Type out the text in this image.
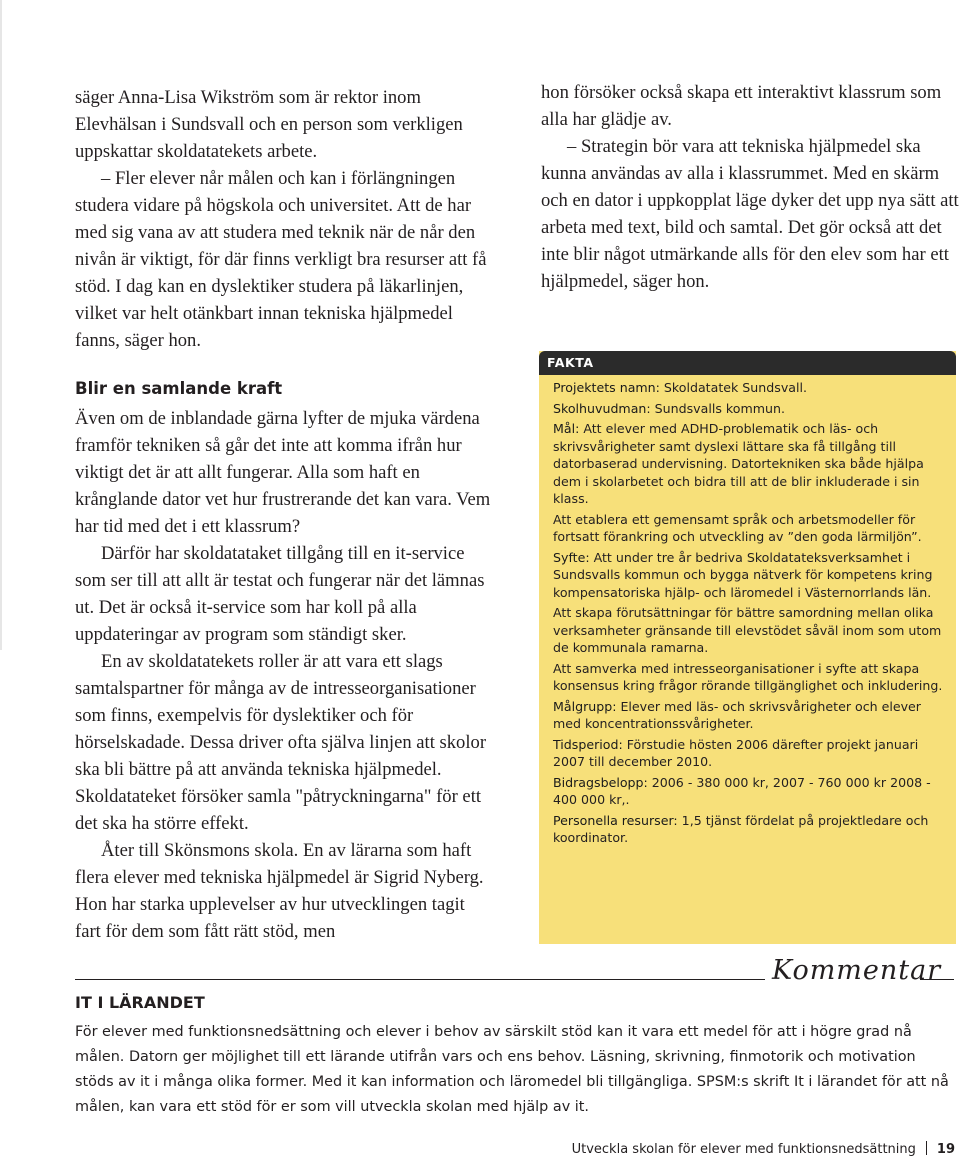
säger Anna-Lisa Wikström som är rektor inom Elevhälsan i Sundsvall och en person som verkligen uppskattar skoldatatekets arbete.

– Fler elever når målen och kan i förlängningen studera vidare på högskola och universitet. Att de har med sig vana av att studera med teknik när de når den nivån är viktigt, för där finns verkligt bra resurser att få stöd. I dag kan en dyslektiker studera på läkarlinjen, vilket var helt otänkbart innan tekniska hjälpmedel fanns, säger hon.

Blir en samlande kraft

Även om de inblandade gärna lyfter de mjuka värdena framför tekniken så går det inte att komma ifrån hur viktigt det är att allt fungerar. Alla som haft en krånglande dator vet hur frustrerande det kan vara. Vem har tid med det i ett klassrum?

Därför har skoldatataket tillgång till en it-service som ser till att allt är testat och fungerar när det lämnas ut. Det är också it-service som har koll på alla uppdateringar av program som ständigt sker.

En av skoldatatekets roller är att vara ett slags samtalspartner för många av de intresseorganisationer som finns, exempelvis för dyslektiker och för hörselskadade. Dessa driver ofta själva linjen att skolor ska bli bättre på att använda tekniska hjälpmedel. Skoldatateket försöker samla "påtryckningarna" för ett det ska ha större effekt.

Åter till Skönsmons skola. En av lärarna som haft flera elever med tekniska hjälpmedel är Sigrid Nyberg. Hon har starka upplevelser av hur utvecklingen tagit fart för dem som fått rätt stöd, men

hon försöker också skapa ett interaktivt klassrum som alla har glädje av.

– Strategin bör vara att tekniska hjälpmedel ska kunna användas av alla i klassrummet. Med en skärm och en dator i uppkopplat läge dyker det upp nya sätt att arbeta med text, bild och samtal. Det gör också att det inte blir något utmärkande alls för den elev som har ett hjälpmedel, säger hon.

FAKTA

Projektets namn: Skoldatatek Sundsvall.

Skolhuvudman: Sundsvalls kommun.

Mål: Att elever med ADHD-problematik och läs- och skrivsvårigheter samt dyslexi lättare ska få tillgång till datorbaserad undervisning. Datortekniken ska både hjälpa dem i skolarbetet och bidra till att de blir inkluderade i sin klass.

Att etablera ett gemensamt språk och arbetsmodeller för fortsatt förankring och utveckling av ”den goda lärmiljön”.

Syfte: Att under tre år bedriva Skoldatateksverksamhet i Sundsvalls kommun och bygga nätverk för kompetens kring kompensatoriska hjälp- och läromedel i Västernorrlands län.

Att skapa förutsättningar för bättre samordning mellan olika verksamheter gränsande till elevstödet såväl inom som utom de kommunala ramarna.

Att samverka med intresseorganisationer i syfte att skapa konsensus kring frågor rörande tillgänglighet och inkludering.

Målgrupp: Elever med läs- och skrivsvårigheter och elever med koncentrationssvårigheter.

Tidsperiod: Förstudie hösten 2006 därefter projekt januari 2007 till december 2010.

Bidragsbelopp: 2006 - 380 000 kr, 2007 - 760 000 kr 2008 - 400 000 kr,.

Personella resurser: 1,5 tjänst fördelat på projektledare och koordinator.

Kommentar
IT I LÄRANDET
För elever med funktionsnedsättning och elever i behov av särskilt stöd kan it vara ett medel för att i högre grad nå målen. Datorn ger möjlighet till ett lärande utifrån vars och ens behov. Läsning, skrivning, finmotorik och motivation stöds av it i många olika former. Med it kan information och läromedel bli tillgängliga. SPSM:s skrift It i lärandet för att nå målen, kan vara ett stöd för er som vill utveckla skolan med hjälp av it.
Utveckla skolan för elever med funktionsnedsättning 19
